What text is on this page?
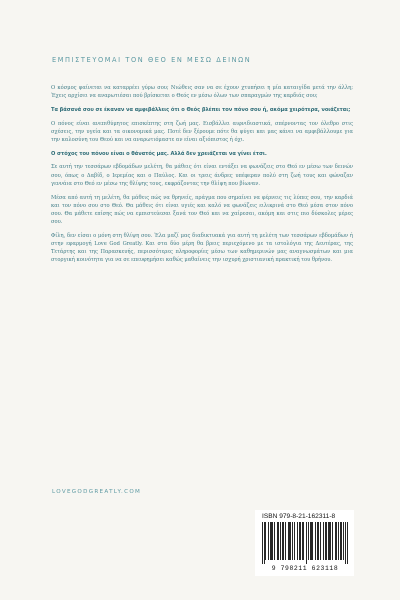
ΕΜΠΙΣΤΕΥΟΜΑΙ ΤΟΝ ΘΕΟ ΕΝ ΜΕΣΩ ΔΕΙΝΩΝ

Ο κόσμος φαίνεται να καταρρέει γύρω σου; Νιώθεις σαν να σε έχουν χτυπήσει η μία καταιγίδα μετά την άλλη; Έχεις αρχίσει να αναρωτιέσαι πού βρίσκεται ο Θεός εν μέσω όλων των σπαραγμών της καρδιάς σου;

Τα βάσανά σου σε έκαναν να αμφιβάλλεις ότι ο Θεός βλέπει τον πόνο σου ή, ακόμα χειρότερα, νοιάζεται;

Ο πόνος είναι ανεπιθύμητος επισκέπτης στη ζωή μας. Εισβάλλει αιφνιδιαστικά, σπέρνοντας τον όλεθρο στις σχέσεις, την υγεία και τα οικονομικά μας. Ποτέ δεν ξέρουμε πότε θα φύγει και μας κάνει να αμφιβάλλουμε για την καλοσύνη του Θεού και να αναρωτιόμαστε αν είναι αξιόπιστος ή όχι.

Ο στόχος του πόνου είναι ο θάνατός μας. Αλλά δεν χρειάζεται να γίνει έτσι.

Σε αυτή την τεσσάρων εβδομάδων μελέτη, θα μάθεις ότι είναι εντάξει να φωνάζεις στο Θεό εν μέσω των δεινών σου, όπως ο Δαβίδ, ο Ιερεμίας και ο Παύλος. Και οι τρεις άνδρες υπέφεραν πολύ στη ζωή τους και φώναζαν γεννάια στο Θεό εν μέσω της θλίψης τους, εκφράζοντας την θλίψη που βίωναν.

Μέσα από αυτή τη μελέτη, θα μάθεις πώς να θρηνείς, πράγμα που σημαίνει να φέρνεις τις λύπες σου, την καρδιά και τον πόνο σου στο Θεό. Θα μάθεις ότι είναι υγιές και καλό να φωνάζεις ειλικρινά στο Θεό μέσα στον πόνο σου. Θα μάθετε επίσης πώς να εμπιστεύεσαι ξανά τον Θεό και να χαίρεσαι, ακόμη και στις πιο δύσκολες μέρες σου.

Φίλη, δεν είσαι ο μόνη στη θλίψη σου. Έλα μαζί μας διαδικτυακά για αυτή τη μελέτη των τεσσάρων εβδομάδων ή στην εφαρμογή Love God Greatly. Και στα δύο μέρη θα βρεις περιεχόμενο με τα ιστολόγια της Δευτέρας, της Τετάρτης και της Παρασκευής, περισσότερες πληροφορίες μέσω των καθημερινών μας αναγνωσμάτων και μια στοργική κοινότητα για να σε επευφημήσει καθώς μαθαίνεις την ισχυρή χριστιανική πρακτική του θρήνου.

LOVEGODGREATLY.COM
ISBN 979-8-21-162311-8
9 798211 623118
